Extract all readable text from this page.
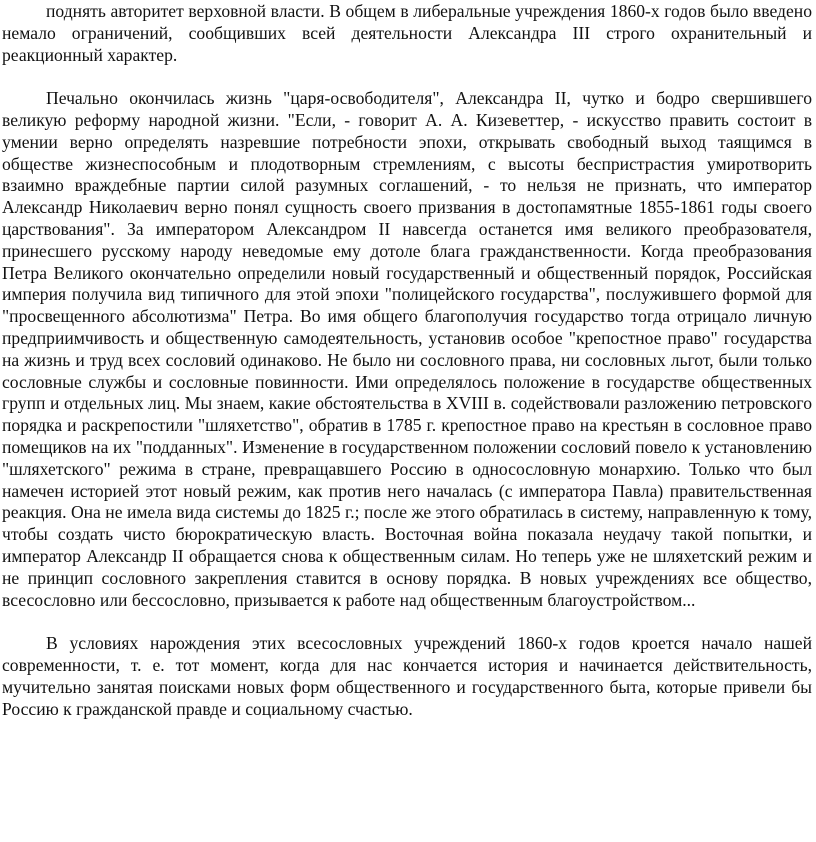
поднять авторитет верховной власти. В общем в либеральные учреждения 1860-х годов было введено немало ограничений, сообщивших всей деятельности Александра III строго охранительный и реакционный характер.

Печально окончилась жизнь "царя-освободителя", Александра II, чутко и бодро свершившего великую реформу народной жизни. "Если, - говорит А. А. Кизеветтер, - искусство править состоит в умении верно определять назревшие потребности эпохи, открывать свободный выход таящимся в обществе жизнеспособным и плодотворным стремлениям, с высоты беспристрастия умиротворить взаимно враждебные партии силой разумных соглашений, - то нельзя не признать, что император Александр Николаевич верно понял сущность своего призвания в достопамятные 1855-1861 годы своего царствования". За императором Александром II навсегда останется имя великого преобразователя, принесшего русскому народу неведомые ему дотоле блага гражданственности. Когда преобразования Петра Великого окончательно определили новый государственный и общественный порядок, Российская империя получила вид типичного для этой эпохи "полицейского государства", послужившего формой для "просвещенного абсолютизма" Петра. Во имя общего благополучия государство тогда отрицало личную предприимчивость и общественную самодеятельность, установив особое "крепостное право" государства на жизнь и труд всех сословий одинаково. Не было ни сословного права, ни сословных льгот, были только сословные службы и сословные повинности. Ими определялось положение в государстве общественных групп и отдельных лиц. Мы знаем, какие обстоятельства в XVIII в. содействовали разложению петровского порядка и раскрепостили "шляхетство", обратив в 1785 г. крепостное право на крестьян в сословное право помещиков на их "подданных". Изменение в государственном положении сословий повело к установлению "шляхетского" режима в стране, превращавшего Россию в односословную монархию. Только что был намечен историей этот новый режим, как против него началась (с императора Павла) правительственная реакция. Она не имела вида системы до 1825 г.; после же этого обратилась в систему, направленную к тому, чтобы создать чисто бюрократическую власть. Восточная война показала неудачу такой попытки, и император Александр II обращается снова к общественным силам. Но теперь уже не шляхетский режим и не принцип сословного закрепления ставится в основу порядка. В новых учреждениях все общество, всесословно или бессословно, призывается к работе над общественным благоустройством...

В условиях нарождения этих всесословных учреждений 1860-х годов кроется начало нашей современности, т. е. тот момент, когда для нас кончается история и начинается действительность, мучительно занятая поисками новых форм общественного и государственного быта, которые привели бы Россию к гражданской правде и социальному счастью.
